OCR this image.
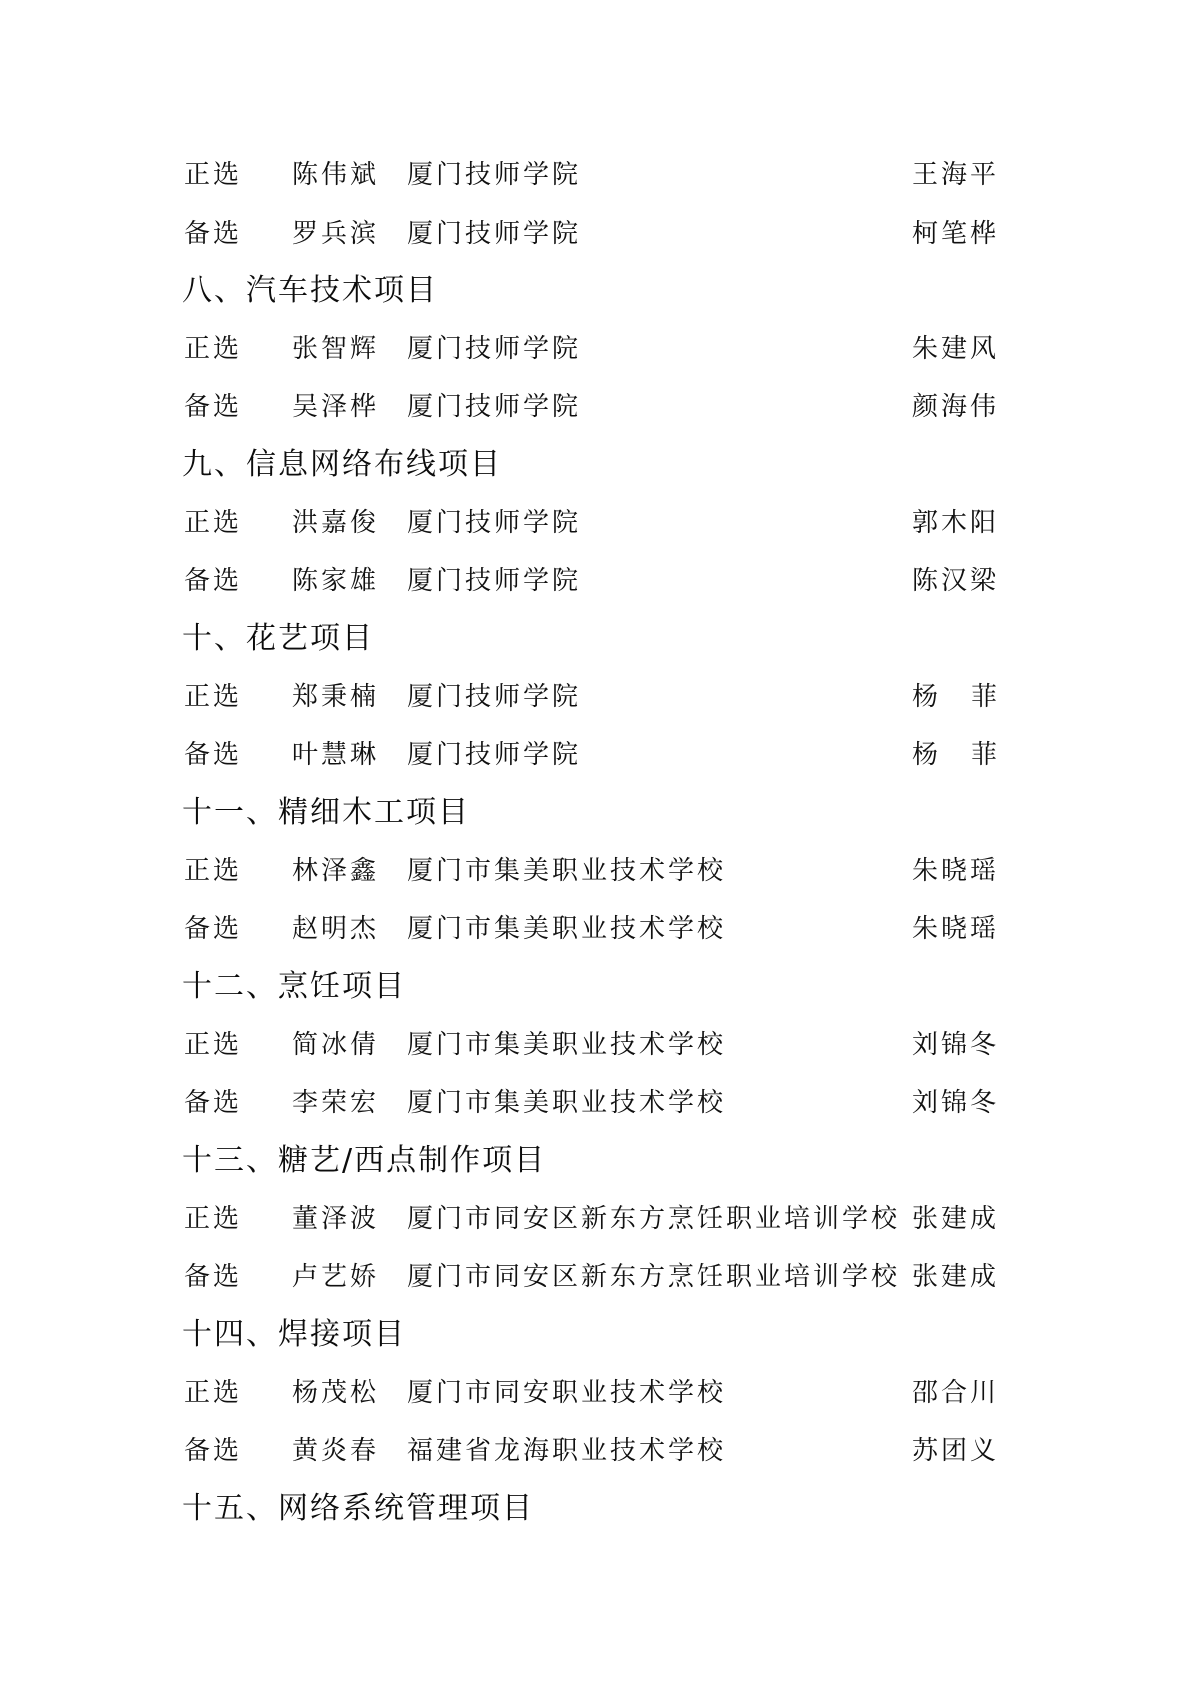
正选 陈伟斌 厦门技师学院	王海平
备选 罗兵滨 厦门技师学院	柯笔桦
八、汽车技术项目
正选 张智辉 厦门技师学院	朱建风
备选 吴泽桦 厦门技师学院	颜海伟
九、信息网络布线项目
正选 洪嘉俊 厦门技师学院	郭木阳
备选 陈家雄 厦门技师学院	陈汉梁
十、花艺项目
正选 郑秉楠 厦门技师学院	杨菲
备选 叶慧琳 厦门技师学院	杨菲
十一、精细木工项目
正选 林泽鑫 厦门市集美职业技术学校	朱晓瑶
备选 赵明杰 厦门市集美职业技术学校	朱晓瑶
十二、烹饪项目
正选 简冰倩 厦门市集美职业技术学校	刘锦冬
备选 李荣宏 厦门市集美职业技术学校	刘锦冬
十三、糖艺/西点制作项目
正选 董泽波 厦门市同安区新东方烹饪职业培训学校 张建成
备选 卢艺娇 厦门市同安区新东方烹饪职业培训学校 张建成
十四、焊接项目
正选 杨茂松 厦门市同安职业技术学校	邵合川
备选 黄炎春 福建省龙海职业技术学校	苏团义
十五、网络系统管理项目
